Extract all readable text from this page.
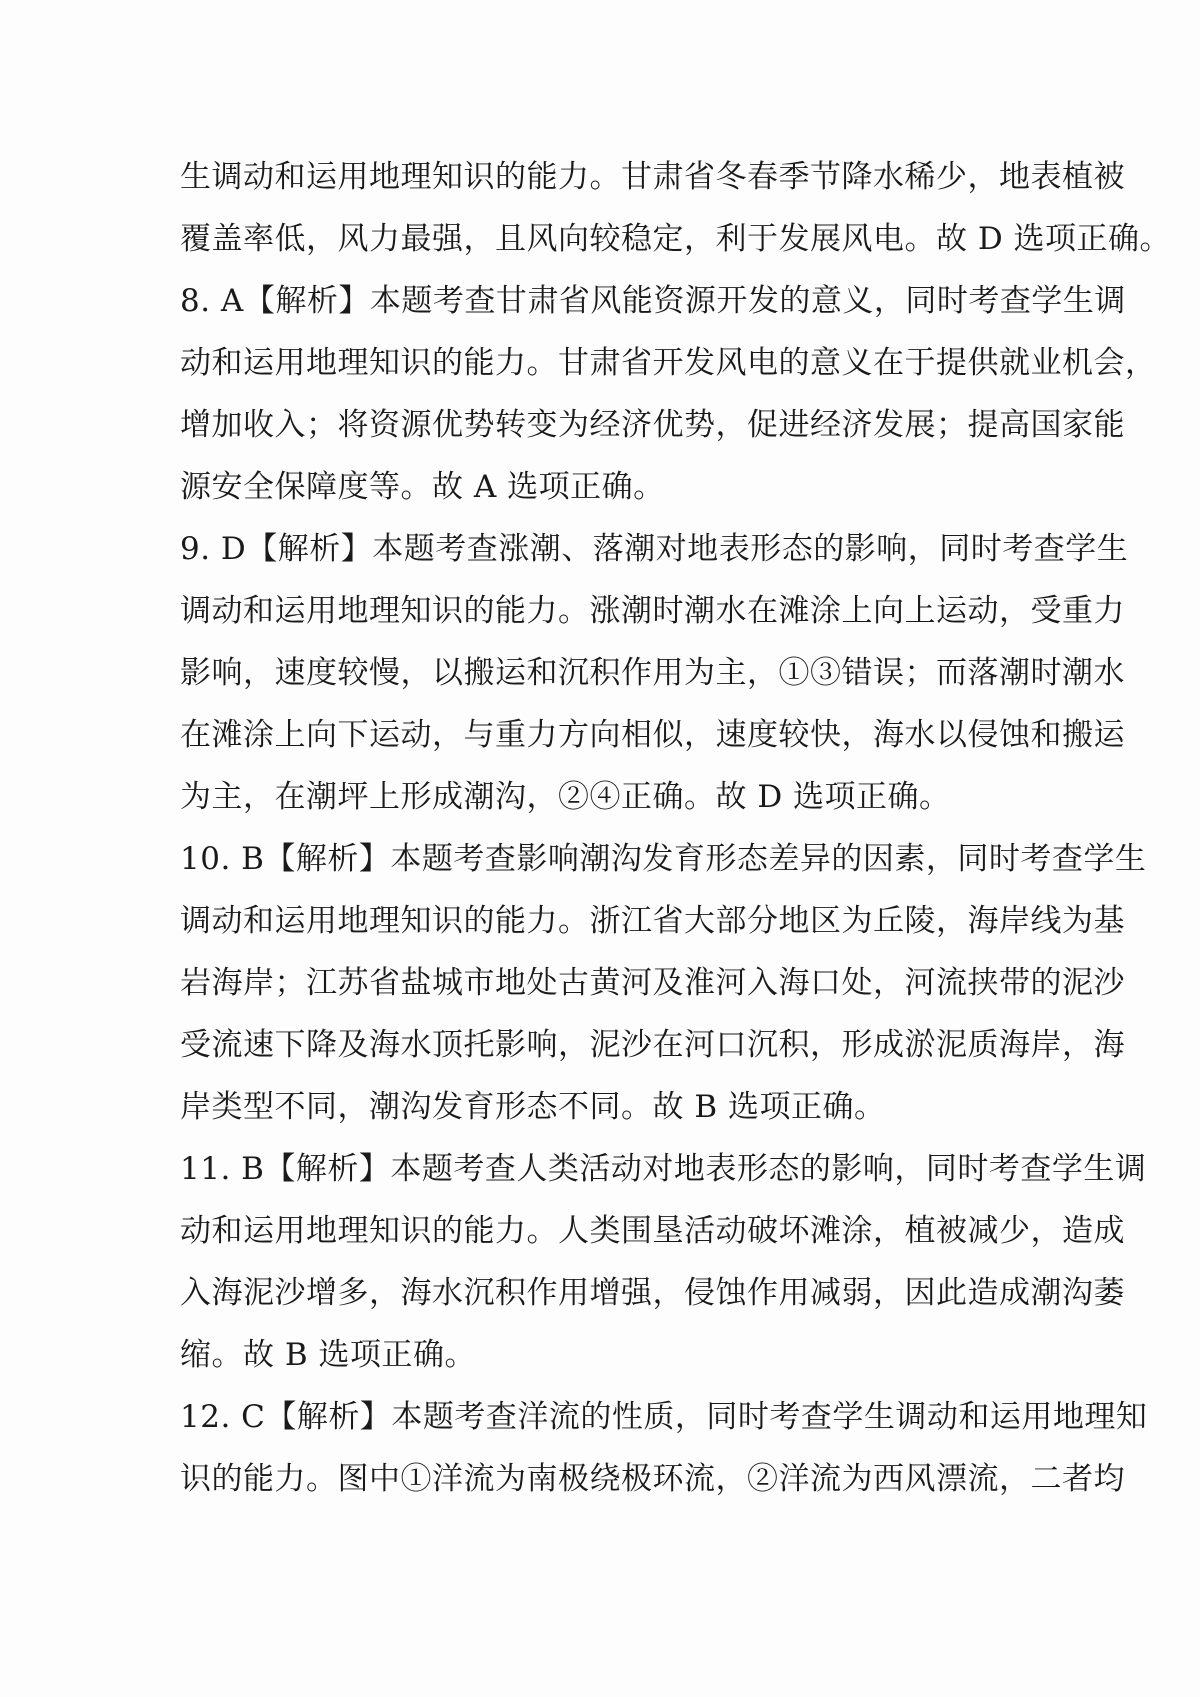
生调动和运用地理知识的能力。甘肃省冬春季节降水稀少，地表植被
覆盖率低，风力最强，且风向较稳定，利于发展风电。故 D 选项正确。
8. A【解析】本题考查甘肃省风能资源开发的意义，同时考查学生调
动和运用地理知识的能力。甘肃省开发风电的意义在于提供就业机会，
增加收入；将资源优势转变为经济优势，促进经济发展；提高国家能
源安全保障度等。故 A 选项正确。
9. D【解析】本题考查涨潮、落潮对地表形态的影响，同时考查学生
调动和运用地理知识的能力。涨潮时潮水在滩涂上向上运动，受重力
影响，速度较慢，以搬运和沉积作用为主，①③错误；而落潮时潮水
在滩涂上向下运动，与重力方向相似，速度较快，海水以侵蚀和搬运
为主，在潮坪上形成潮沟，②④正确。故 D 选项正确。
10. B【解析】本题考查影响潮沟发育形态差异的因素，同时考查学生
调动和运用地理知识的能力。浙江省大部分地区为丘陵，海岸线为基
岩海岸；江苏省盐城市地处古黄河及淮河入海口处，河流挟带的泥沙
受流速下降及海水顶托影响，泥沙在河口沉积，形成淤泥质海岸，海
岸类型不同，潮沟发育形态不同。故 B 选项正确。
11. B【解析】本题考查人类活动对地表形态的影响，同时考查学生调
动和运用地理知识的能力。人类围垦活动破坏滩涂，植被减少，造成
入海泥沙增多，海水沉积作用增强，侵蚀作用减弱，因此造成潮沟萎
缩。故 B 选项正确。
12. C【解析】本题考查洋流的性质，同时考查学生调动和运用地理知
识的能力。图中①洋流为南极绕极环流，②洋流为西风漂流，二者均
